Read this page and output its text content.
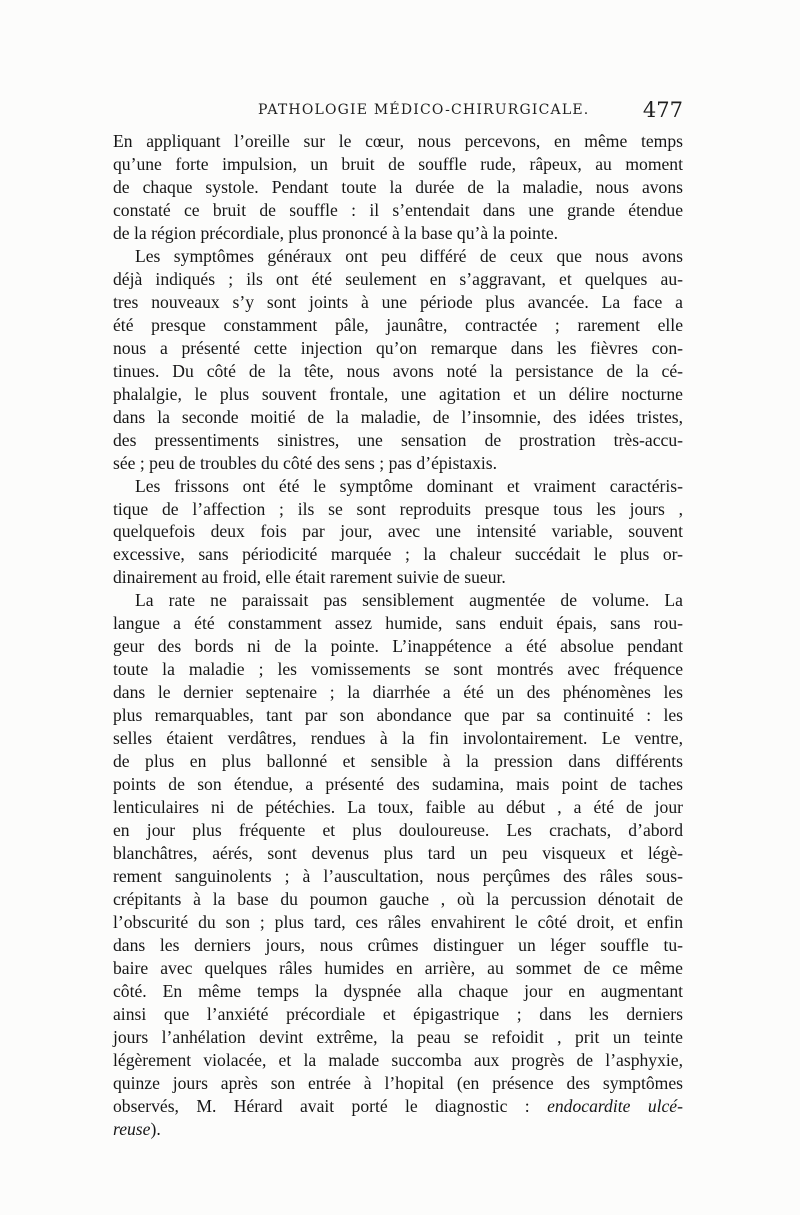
PATHOLOGIE MÉDICO-CHIRURGICALE.	477
En appliquant l’oreille sur le cœur, nous percevons, en même temps
qu’une forte impulsion, un bruit de souffle rude, râpeux, au moment
de chaque systole. Pendant toute la durée de la maladie, nous avons
constaté ce bruit de souffle : il s’entendait dans une grande étendue
de la région précordiale, plus prononcé à la base qu’à la pointe.
Les symptômes généraux ont peu différé de ceux que nous avons
déjà indiqués ; ils ont été seulement en s’aggravant, et quelques au-
tres nouveaux s’y sont joints à une période plus avancée. La face a
été presque constamment pâle, jaunâtre, contractée ; rarement elle
nous a présenté cette injection qu’on remarque dans les fièvres con-
tinues. Du côté de la tête, nous avons noté la persistance de la cé-
phalalgie, le plus souvent frontale, une agitation et un délire nocturne
dans la seconde moitié de la maladie, de l’insomnie, des idées tristes,
des pressentiments sinistres, une sensation de prostration très-accu-
sée ; peu de troubles du côté des sens ; pas d’épistaxis.
Les frissons ont été le symptôme dominant et vraiment caractéris-
tique de l’affection ; ils se sont reproduits presque tous les jours ,
quelquefois deux fois par jour, avec une intensité variable, souvent
excessive, sans périodicité marquée ; la chaleur succédait le plus or-
dinairement au froid, elle était rarement suivie de sueur.
La rate ne paraissait pas sensiblement augmentée de volume. La
langue a été constamment assez humide, sans enduit épais, sans rou-
geur des bords ni de la pointe. L’inappétence a été absolue pendant
toute la maladie ; les vomissements se sont montrés avec fréquence
dans le dernier septenaire ; la diarrhée a été un des phénomènes les
plus remarquables, tant par son abondance que par sa continuité : les
selles étaient verdâtres, rendues à la fin involontairement. Le ventre,
de plus en plus ballonné et sensible à la pression dans différents
points de son étendue, a présenté des sudamina, mais point de taches
lenticulaires ni de pétéchies. La toux, faible au début , a été de jour
en jour plus fréquente et plus douloureuse. Les crachats, d’abord
blanchâtres, aérés, sont devenus plus tard un peu visqueux et légè-
rement sanguinolents ; à l’auscultation, nous perçûmes des râles sous-
crépitants à la base du poumon gauche , où la percussion dénotait de
l’obscurité du son ; plus tard, ces râles envahirent le côté droit, et enfin
dans les derniers jours, nous crûmes distinguer un léger souffle tu-
baire avec quelques râles humides en arrière, au sommet de ce même
côté. En même temps la dyspnée alla chaque jour en augmentant
ainsi que l’anxiété précordiale et épigastrique ; dans les derniers
jours l’anhélation devint extrême, la peau se refoidit , prit un teinte
légèrement violacée, et la malade succomba aux progrès de l’asphyxie,
quinze jours après son entrée à l’hopital (en présence des symptômes
observés, M. Hérard avait porté le diagnostic : endocardite ulcé-
reuse).
